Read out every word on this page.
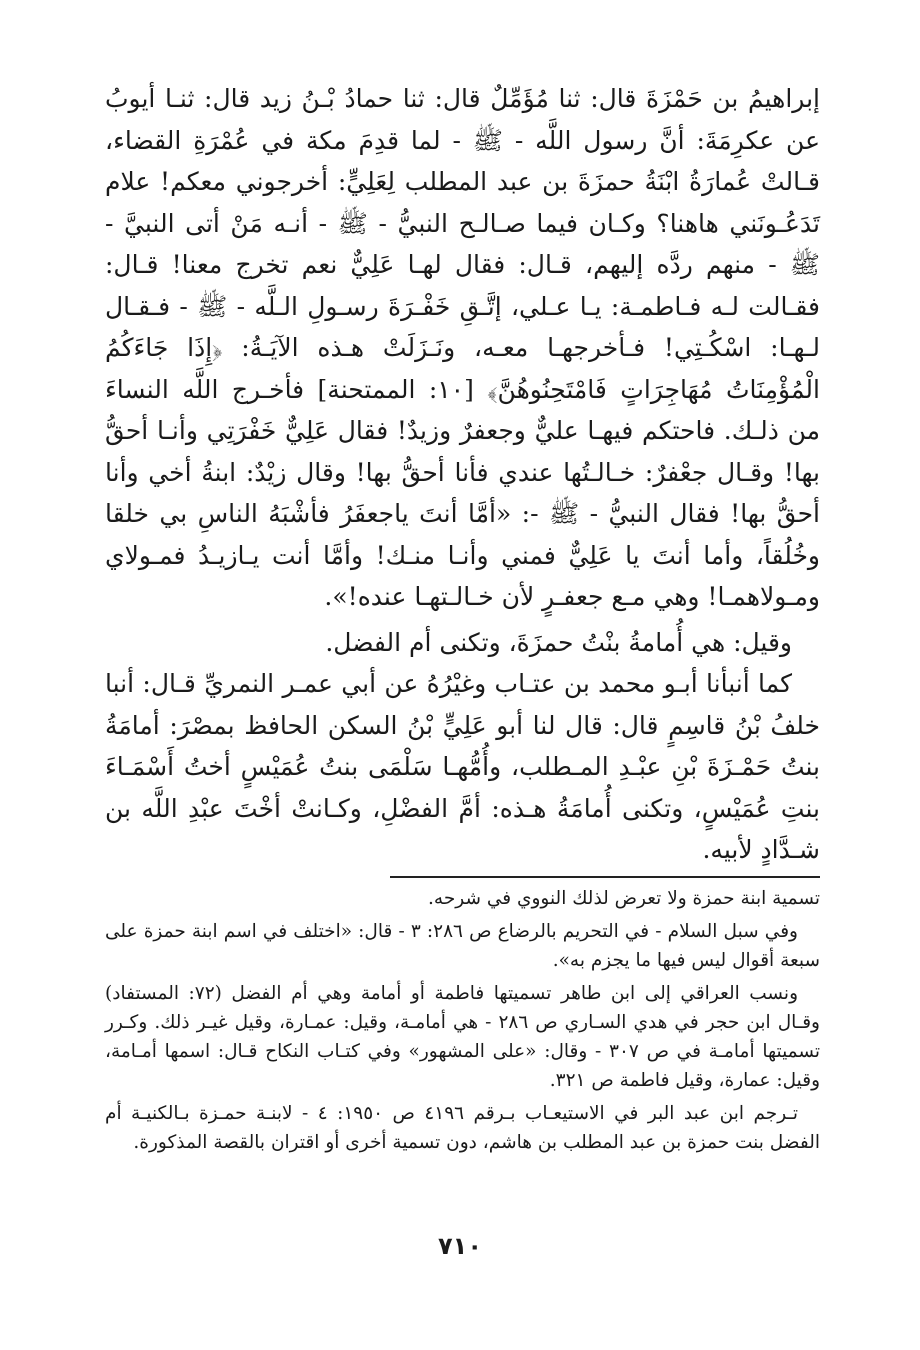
إبراهيمُ بن حَمْزَةَ قال: ثنا مُؤَمِّلٌ قال: ثنا حمادُ بْـنُ زيد قال: ثنـا أيوبُ عن عكرِمَةَ: أنَّ رسول اللَّه - ﷺ - لما قدِمَ مكة في عُمْرَةِ القضاء، قـالتْ عُمارَةُ ابْنَةُ حمزَةَ بن عبد المطلب لِعَلِيٍّ: أخرجوني معكم! علام تَدَعُـونَني هاهنا؟ وكـان فيما صـالـح النبيُّ - ﷺ - أنـه مَنْ أتى النبيَّ - ﷺ - منهم ردَّه إليهم، قـال: فقال لهـا عَلِيٌّ نعم تخرج معنا! قـال: فقـالت لـه فـاطمـة: يـا عـلي، إتَّـقِ خَفْـرَةَ رسـولِ الـلَّه - ﷺ - فـقـال لـهـا: اسْكُـتِي! فـأخرجهـا معـه، ونَـزَلَتْ هـذه الآيَـةُ: ﴿إِذَا جَاءَكُمُ الْمُؤْمِنَاتُ مُهَاجِرَاتٍ فَامْتَحِنُوهُنَّ﴾ [١٠: الممتحنة] فأخـرج اللَّه النساءَ من ذلـك. فاحتكم فيهـا عليٌّ وجعفرٌ وزيدٌ! فقال عَلِيٌّ خَفْرَتِي وأنـا أحقُّ بها! وقـال جعْفرٌ: خـالـتُها عندي فأنا أحقُّ بها! وقال زيْدٌ: ابنةُ أخي وأنا أحقُّ بها! فقال النبيُّ - ﷺ -: «أمَّا أنتَ ياجعفَرُ فأشْبَهُ الناسِ بي خلقا وخُلُقاً، وأما أنتَ يا عَلِيٌّ فمني وأنـا منـك! وأمَّا أنت يـازيـدُ فمـولاي ومـولاهمـا! وهي مـع جعفـرٍ لأن خـالـتهـا عنده!».

وقيل: هي أُمامةُ بنْتُ حمزَةَ، وتكنى أم الفضل.

كما أنبأنا أبـو محمد بن عتـاب وغيْرُهُ عن أبي عمـر النمريِّ قـال: أنبا خلفُ بْنُ قاسِمٍ قال: قال لنا أبو عَلِيٍّ بْنُ السكن الحافظ بمصْرَ: أمامَةُ بنتُ حَمْـزَةَ بْنِ عبْـدِ المـطلب، وأُمُّهـا سَلْمَى بنتُ عُمَيْسٍ أختُ أَسْمَـاءَ بنتِ عُمَيْسٍ، وتكنى أُمامَةُ هـذه: أمَّ الفضْلِ، وكـانتْ أخْتَ عبْدِ اللَّه بن شـدَّادٍ لأبيه.

تسمية ابنة حمزة ولا تعرض لذلك النووي في شرحه.

وفي سبل السلام - في التحريم بالرضاع ص ٢٨٦: ٣ - قال: «اختلف في اسم ابنة حمزة على سبعة أقوال ليس فيها ما يجزم به».

ونسب العراقي إلى ابن طاهر تسميتها فاطمة أو أمامة وهي أم الفضل (٧٢: المستفاد) وقـال ابن حجر في هدي السـاري ص ٢٨٦ - هي أمامـة، وقيل: عمـارة، وقيل غيـر ذلك. وكـرر تسميتها أمامـة في ص ٣٠٧ - وقال: «على المشهور» وفي كتـاب النكاح قـال: اسمها أمـامة، وقيل: عمارة، وقيل فاطمة ص ٣٢١.

تـرجم ابن عبد البر في الاستيعـاب بـرقم ٤١٩٦ ص ١٩٥٠: ٤ - لابنـة حمـزة بـالكنيـة أم الفضل بنت حمزة بن عبد المطلب بن هاشم، دون تسمية أخرى أو اقتران بالقصة المذكورة.

٧١٠
